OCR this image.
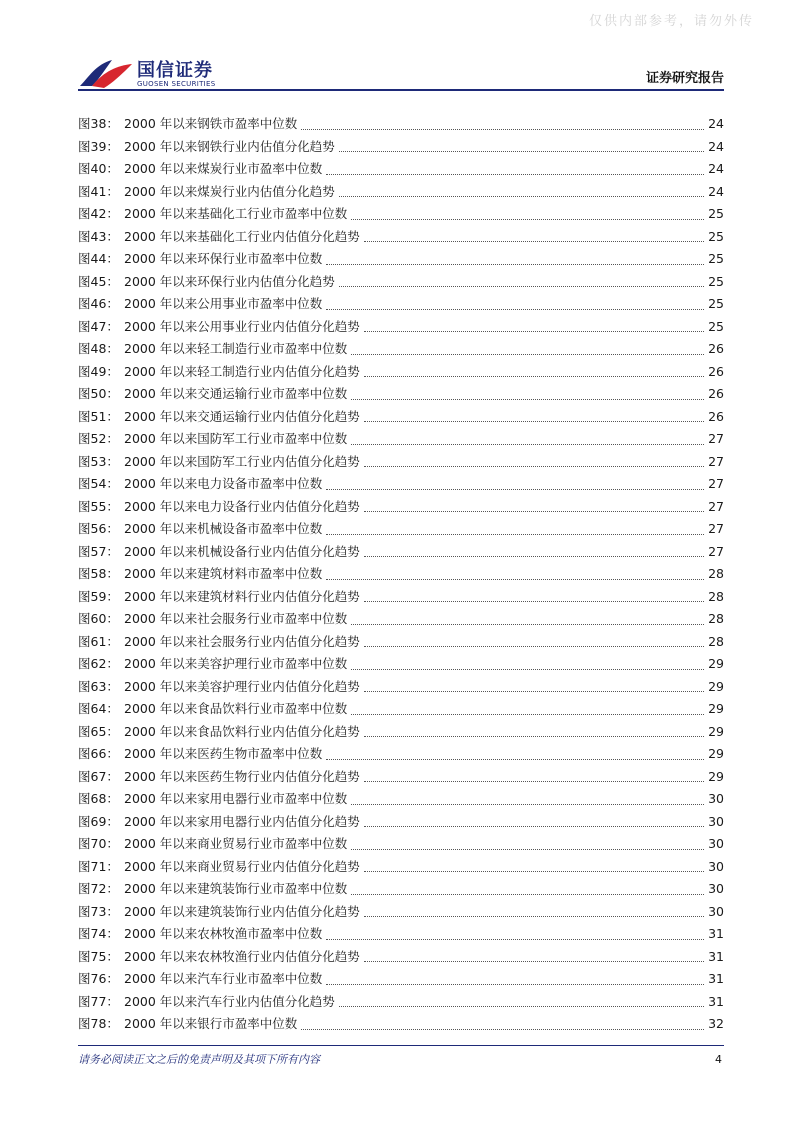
仅供内部参考，请勿外传
国信证券
GUOSEN SECURITIES	证券研究报告
图38： 2000 年以来钢铁市盈率中位数	24
图39： 2000 年以来钢铁行业内估值分化趋势	24
图40： 2000 年以来煤炭行业市盈率中位数	24
图41： 2000 年以来煤炭行业内估值分化趋势	24
图42： 2000 年以来基础化工行业市盈率中位数	25
图43： 2000 年以来基础化工行业内估值分化趋势	25
图44： 2000 年以来环保行业市盈率中位数	25
图45： 2000 年以来环保行业内估值分化趋势	25
图46： 2000 年以来公用事业市盈率中位数	25
图47： 2000 年以来公用事业行业内估值分化趋势	25
图48： 2000 年以来轻工制造行业市盈率中位数	26
图49： 2000 年以来轻工制造行业内估值分化趋势	26
图50： 2000 年以来交通运输行业市盈率中位数	26
图51： 2000 年以来交通运输行业内估值分化趋势	26
图52： 2000 年以来国防军工行业市盈率中位数	27
图53： 2000 年以来国防军工行业内估值分化趋势	27
图54： 2000 年以来电力设备市盈率中位数	27
图55： 2000 年以来电力设备行业内估值分化趋势	27
图56： 2000 年以来机械设备市盈率中位数	27
图57： 2000 年以来机械设备行业内估值分化趋势	27
图58： 2000 年以来建筑材料市盈率中位数	28
图59： 2000 年以来建筑材料行业内估值分化趋势	28
图60： 2000 年以来社会服务行业市盈率中位数	28
图61： 2000 年以来社会服务行业内估值分化趋势	28
图62： 2000 年以来美容护理行业市盈率中位数	29
图63： 2000 年以来美容护理行业内估值分化趋势	29
图64： 2000 年以来食品饮料行业市盈率中位数	29
图65： 2000 年以来食品饮料行业内估值分化趋势	29
图66： 2000 年以来医药生物市盈率中位数	29
图67： 2000 年以来医药生物行业内估值分化趋势	29
图68： 2000 年以来家用电器行业市盈率中位数	30
图69： 2000 年以来家用电器行业内估值分化趋势	30
图70： 2000 年以来商业贸易行业市盈率中位数	30
图71： 2000 年以来商业贸易行业内估值分化趋势	30
图72： 2000 年以来建筑装饰行业市盈率中位数	30
图73： 2000 年以来建筑装饰行业内估值分化趋势	30
图74： 2000 年以来农林牧渔市盈率中位数	31
图75： 2000 年以来农林牧渔行业内估值分化趋势	31
图76： 2000 年以来汽车行业市盈率中位数	31
图77： 2000 年以来汽车行业内估值分化趋势	31
图78： 2000 年以来银行市盈率中位数	32
请务必阅读正文之后的免责声明及其项下所有内容	4
